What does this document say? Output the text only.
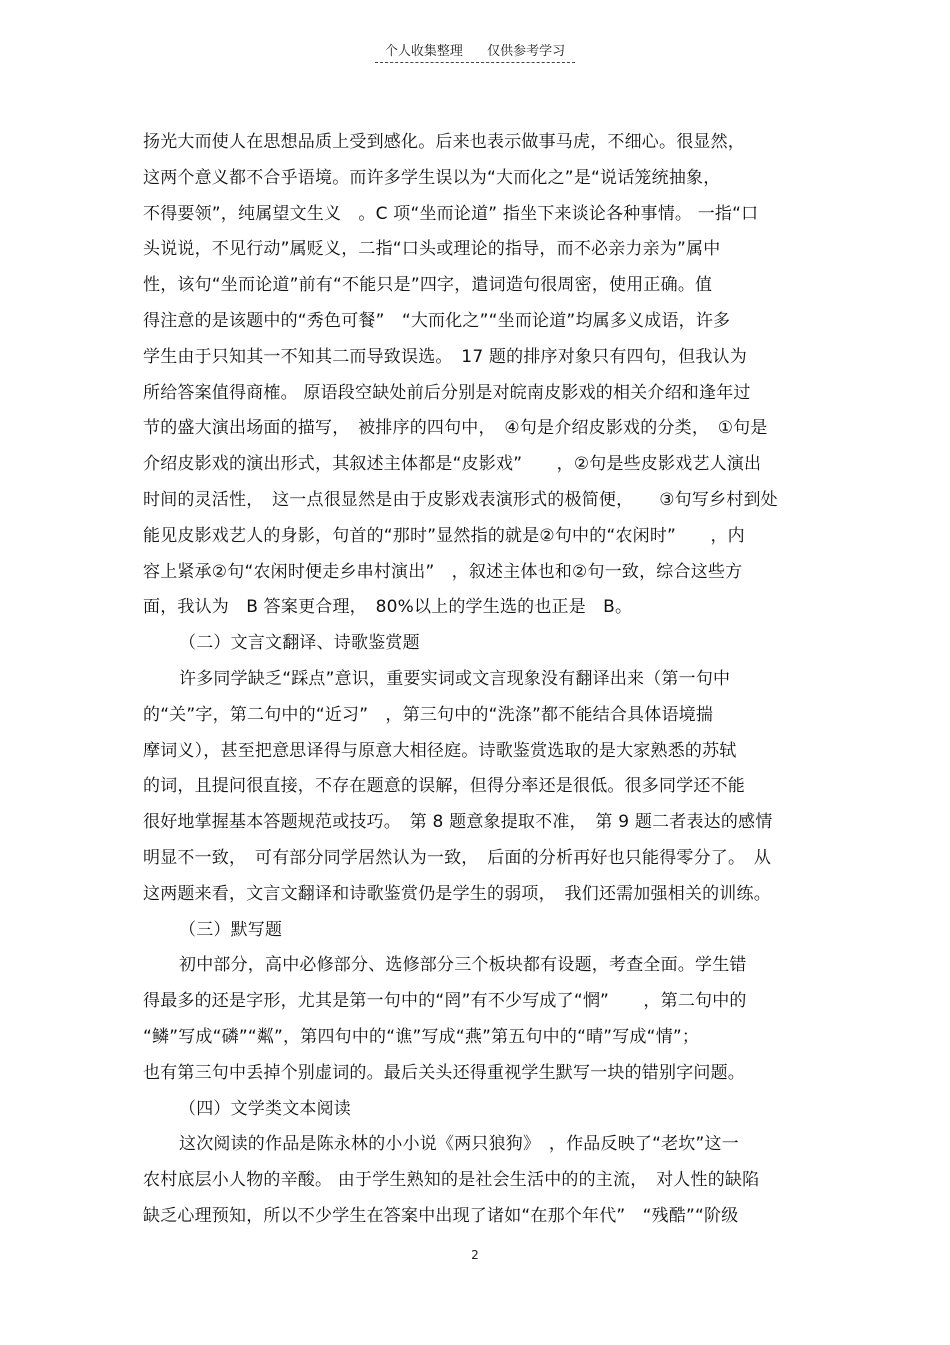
个人收集整理 仅供参考学习
扬光大而使人在思想品质上受到感化。后来也表示做事马虎，不细心。很显然，
这两个意义都不合乎语境。而许多学生误以为“大而化之”是“说话笼统抽象，
不得要领”，纯属望文生义　。C 项“坐而论道” 指坐下来谈论各种事情。 一指“口
头说说，不见行动”属贬义，二指“口头或理论的指导，而不必亲力亲为”属中
性，该句“坐而论道”前有“不能只是”四字，遣词造句很周密，使用正确。值
得注意的是该题中的“秀色可餐”　“大而化之”“坐而论道”均属多义成语，许多
学生由于只知其一不知其二而导致误选。　17 题的排序对象只有四句，但我认为
所给答案值得商榷。 原语段空缺处前后分别是对皖南皮影戏的相关介绍和逢年过
节的盛大演出场面的描写，　被排序的四句中，　④句是介绍皮影戏的分类，　①句是
介绍皮影戏的演出形式，其叙述主体都是“皮影戏”　　，②句是些皮影戏艺人演出
时间的灵活性，　这一点很显然是由于皮影戏表演形式的极简便，　　③句写乡村到处
能见皮影戏艺人的身影，句首的“那时”显然指的就是②句中的“农闲时”　　，内
容上紧承②句“农闲时便走乡串村演出”　，叙述主体也和②句一致，综合这些方
面，我认为　B 答案更合理，　80%以上的学生选的也正是　B。
（二）文言文翻译、诗歌鉴赏题
许多同学缺乏“踩点”意识，重要实词或文言现象没有翻译出来（第一句中
的“关”字，第二句中的“近习”　，第三句中的“洗涤”都不能结合具体语境揣
摩词义），甚至把意思译得与原意大相径庭。诗歌鉴赏选取的是大家熟悉的苏轼
的词，且提问很直接，不存在题意的误解，但得分率还是很低。很多同学还不能
很好地掌握基本答题规范或技巧。　第 8 题意象提取不准，　第 9 题二者表达的感情
明显不一致，　可有部分同学居然认为一致，　后面的分析再好也只能得零分了。　从
这两题来看，文言文翻译和诗歌鉴赏仍是学生的弱项，　我们还需加强相关的训练。
（三）默写题
初中部分，高中必修部分、选修部分三个板块都有设题，考查全面。学生错
得最多的还是字形，尤其是第一句中的“罔”有不少写成了“惘”　　，第二句中的
“鳞”写成“磷”“粼”，第四句中的“谯”写成“燕”第五句中的“晴”写成“情”；
也有第三句中丢掉个别虚词的。最后关头还得重视学生默写一块的错别字问题。
（四）文学类文本阅读
这次阅读的作品是陈永林的小小说《两只狼狗》　，作品反映了“老坎”这一
农村底层小人物的辛酸。 由于学生熟知的是社会生活中的的主流，　对人性的缺陷
缺乏心理预知，所以不少学生在答案中出现了诸如“在那个年代”　“残酷”“阶级
2
